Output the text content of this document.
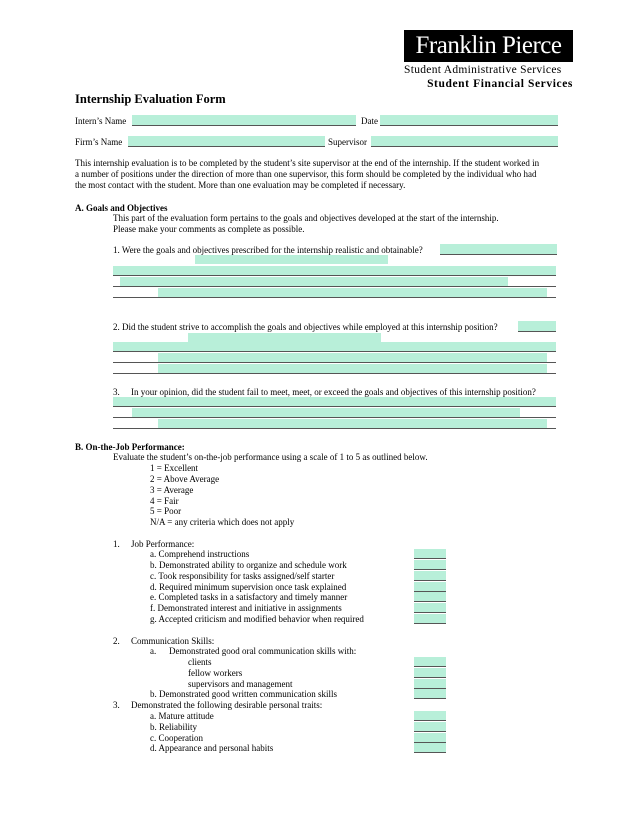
Franklin Pierce
Student Administrative Services
Student Financial Services
Internship Evaluation Form
Intern’s Name	Date
Firm’s Name	Supervisor
This internship evaluation is to be completed by the student’s site supervisor at the end of the internship. If the student worked in
a number of positions under the direction of more than one supervisor, this form should be completed by the individual who had
the most contact with the student. More than one evaluation may be completed if necessary.
A. Goals and Objectives
This part of the evaluation form pertains to the goals and objectives developed at the start of the internship.
Please make your comments as complete as possible.
1. Were the goals and objectives prescribed for the internship realistic and obtainable?
2. Did the student strive to accomplish the goals and objectives while employed at this internship position?
3. In your opinion, did the student fail to meet, meet, or exceed the goals and objectives of this internship position?
B. On-the-Job Performance:
Evaluate the student’s on-the-job performance using a scale of 1 to 5 as outlined below.
1 = Excellent
2 = Above Average
3 = Average
4 = Fair
5 = Poor
N/A = any criteria which does not apply
1. Job Performance:
a. Comprehend instructions
b. Demonstrated ability to organize and schedule work
c. Took responsibility for tasks assigned/self starter
d. Required minimum supervision once task explained
e. Completed tasks in a satisfactory and timely manner
f. Demonstrated interest and initiative in assignments
g. Accepted criticism and modified behavior when required
2. Communication Skills:
a. Demonstrated good oral communication skills with:
clients
fellow workers
supervisors and management
b. Demonstrated good written communication skills
3. Demonstrated the following desirable personal traits:
a. Mature attitude
b. Reliability
c. Cooperation
d. Appearance and personal habits
